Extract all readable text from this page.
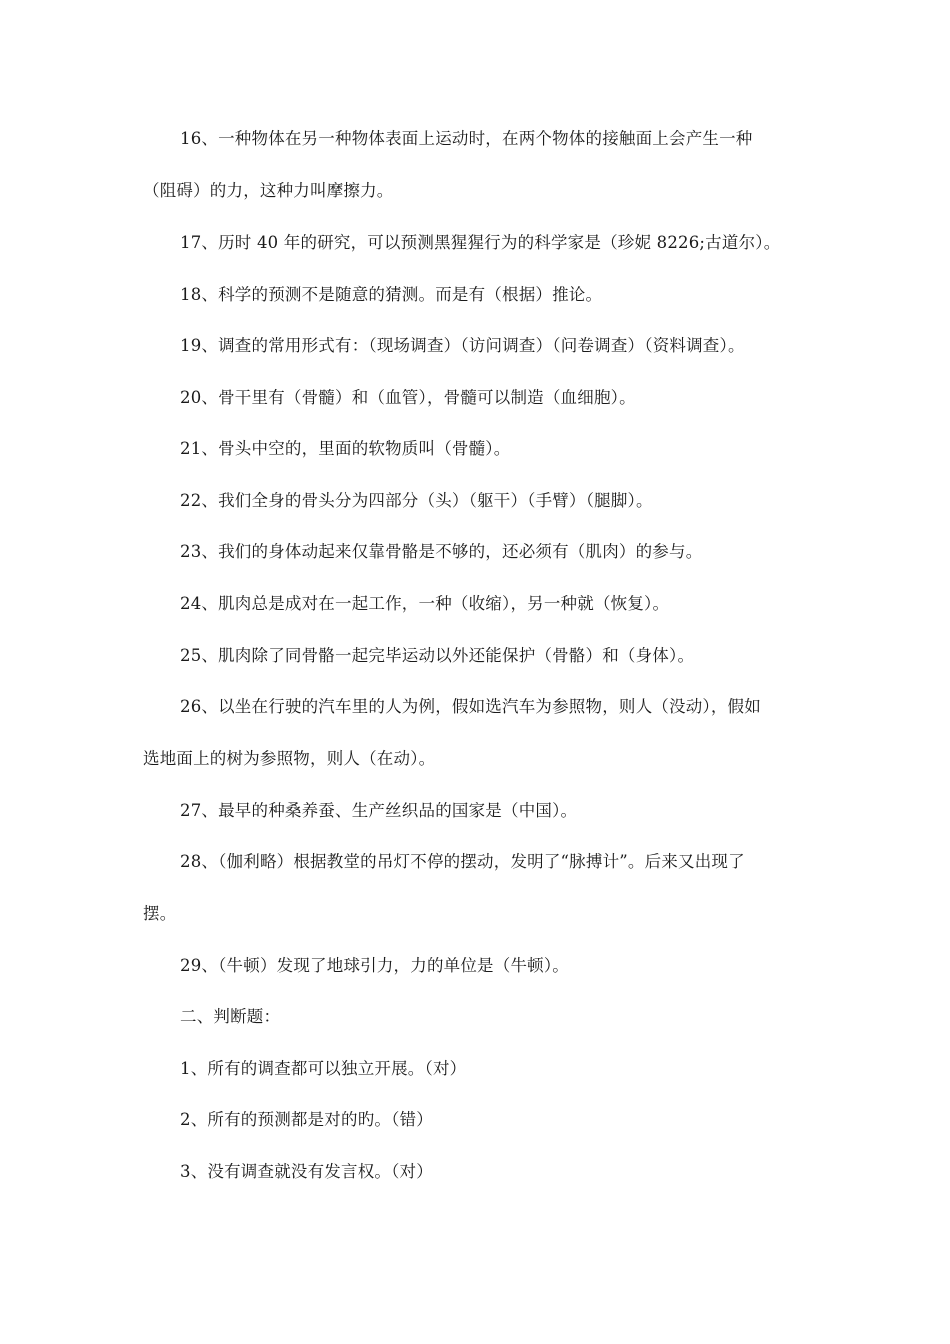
16、一种物体在另一种物体表面上运动时，在两个物体的接触面上会产生一种
（阻碍）的力，这种力叫摩擦力。
17、历时 40 年的研究，可以预测黑猩猩行为的科学家是（珍妮 8226;古道尔）。
18、科学的预测不是随意的猜测。而是有（根据）推论。
19、调查的常用形式有：（现场调查）（访问调查）（问卷调查）（资料调查）。
20、骨干里有（骨髓）和（血管），骨髓可以制造（血细胞）。
21、骨头中空的，里面的软物质叫（骨髓）。
22、我们全身的骨头分为四部分（头）（躯干）（手臂）（腿脚）。
23、我们的身体动起来仅靠骨骼是不够的，还必须有（肌肉）的参与。
24、肌肉总是成对在一起工作，一种（收缩），另一种就（恢复）。
25、肌肉除了同骨骼一起完毕运动以外还能保护（骨骼）和（身体）。
26、以坐在行驶的汽车里的人为例，假如选汽车为参照物，则人（没动），假如
选地面上的树为参照物，则人（在动）。
27、最早的种桑养蚕、生产丝织品的国家是（中国）。
28、（伽利略）根据教堂的吊灯不停的摆动，发明了“脉搏计”。后来又出现了
摆。
29、（牛顿）发现了地球引力，力的单位是（牛顿）。
二、判断题：
1、所有的调查都可以独立开展。（对）
2、所有的预测都是对的旳。（错）
3、没有调查就没有发言权。（对）
